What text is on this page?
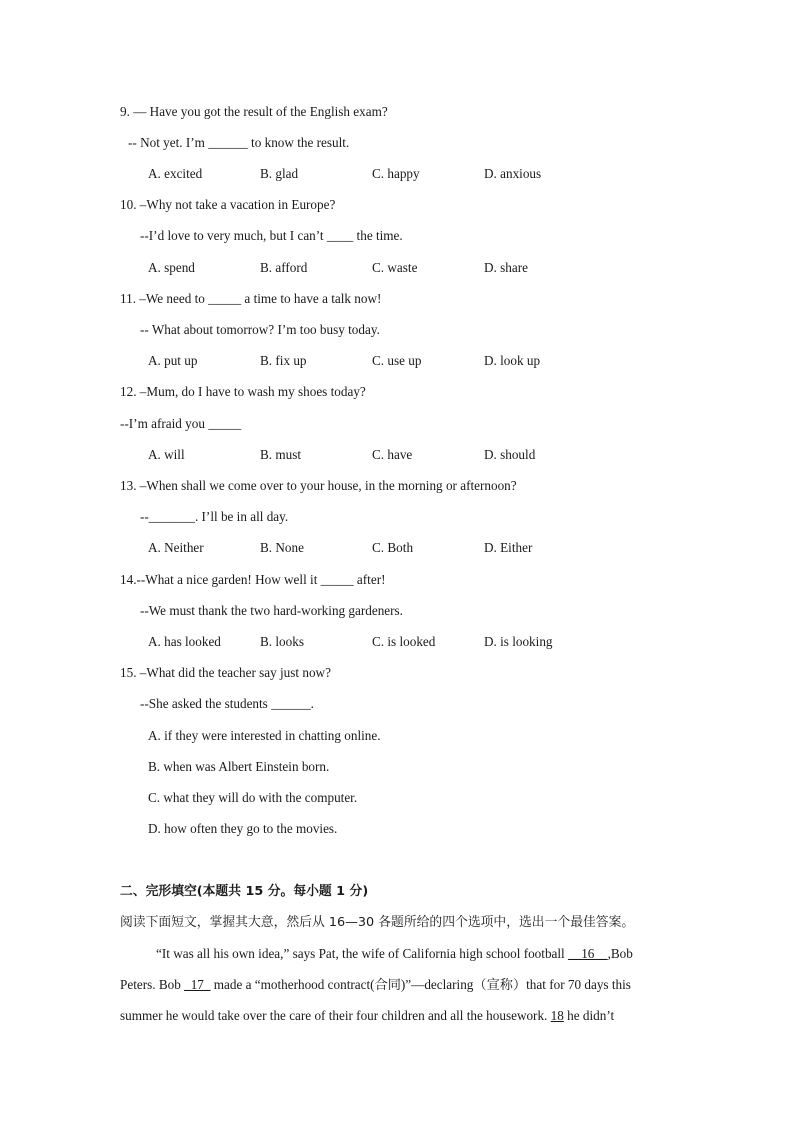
9. — Have you got the result of the English exam?
-- Not yet. I’m ______ to know the result.
A. excited	B. glad	C. happy	D. anxious
10. –Why not take a vacation in Europe?
--I’d love to very much, but I can’t ____ the time.
A. spend	B. afford	C. waste	D. share
11. –We need to _____ a time to have a talk now!
-- What about tomorrow? I’m too busy today.
A. put up	B. fix up	C. use up	D. look up
12. –Mum, do I have to wash my shoes today?
--I’m afraid you _____
A. will	B. must	C. have	D. should
13. –When shall we come over to your house, in the morning or afternoon?
--_______. I’ll be in all day.
A. Neither	B. None	C. Both	D. Either
14.--What a nice garden! How well it _____ after!
--We must thank the two hard-working gardeners.
A. has looked	B. looks	C. is looked	D. is looking
15. –What did the teacher say just now?
--She asked the students ______.
A. if they were interested in chatting online.
B. when was Albert Einstein born.
C. what they will do with the computer.
D. how often they go to the movies.
二、完形填空(本题共 15 分。每小题 1 分)
阅读下面短文，掌握其大意，然后从 16—30 各题所给的四个选项中，选出一个最佳答案。
“It was all his own idea,” says Pat, the wife of California high school football __16__,Bob
Peters. Bob _17_ made a “motherhood contract(合同)”—declaring（宣称）that for 70 days this
summer he would take over the care of their four children and all the housework. 18 he didn’t
